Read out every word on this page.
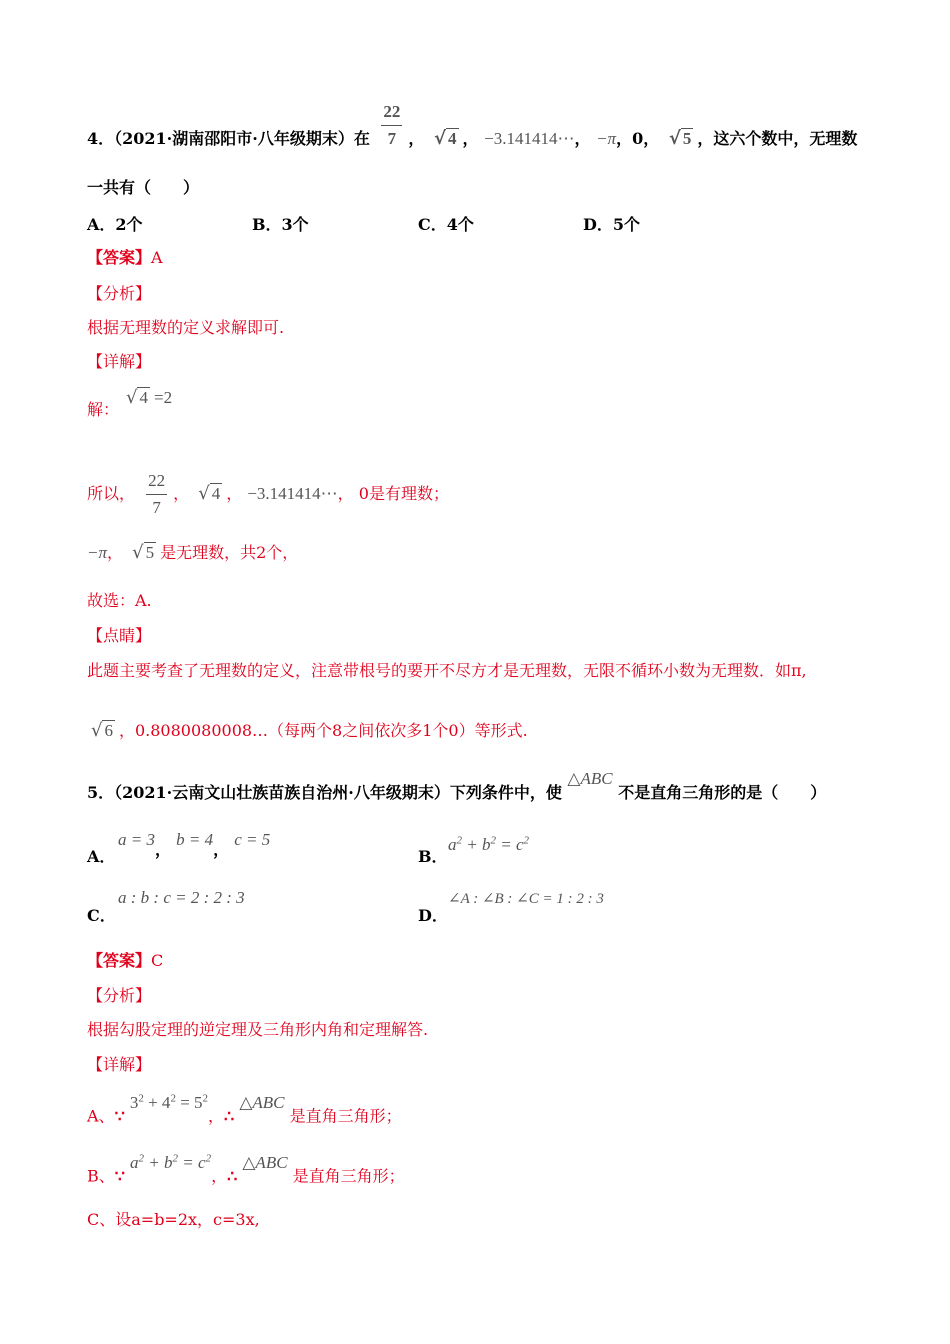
4．（2021·湖南邵阳市·八年级期末）在 $\frac{22}{7}$ ， √ 4 ， −3.141414⋯， −π，0， √ 5 ，这六个数中，无理数
一共有（　　）
A．2个	B．3个	C．4个	D．5个
【答案】A
【分析】
根据无理数的定义求解即可.
【详解】
解：
√ 4 =2
所以， $\frac{22}{7}$ ， √ 4 ， −3.141414⋯， 0是有理数；
−π， √ 5 是无理数，共2个，
故选：A.
【点睛】
此题主要考查了无理数的定义，注意带根号的要开不尽方才是无理数，无限不循环小数为无理数．如π,
√ 6 ，0.8080080008…（每两个8之间依次多1个0）等形式.
5．（2021·云南文山壮族苗族自治州·八年级期末）下列条件中，使 △ABC 不是直角三角形的是（　　）
A．
a = 3， b = 4， c = 5
B．
$a^2 + b^2 = c^2$
C．
a : b : c = 2 : 2 : 3
D．
∠A : ∠B : ∠C = 1 : 2 : 3
【答案】C
【分析】
根据勾股定理的逆定理及三角形内角和定理解答.
【详解】
A、∵ $3^2 + 4^2 = 5^2$，∴ △ABC 是直角三角形；
B、∵ $a^2 + b^2 = c^2$，∴ △ABC 是直角三角形；
C、设a=b=2x，c=3x,
